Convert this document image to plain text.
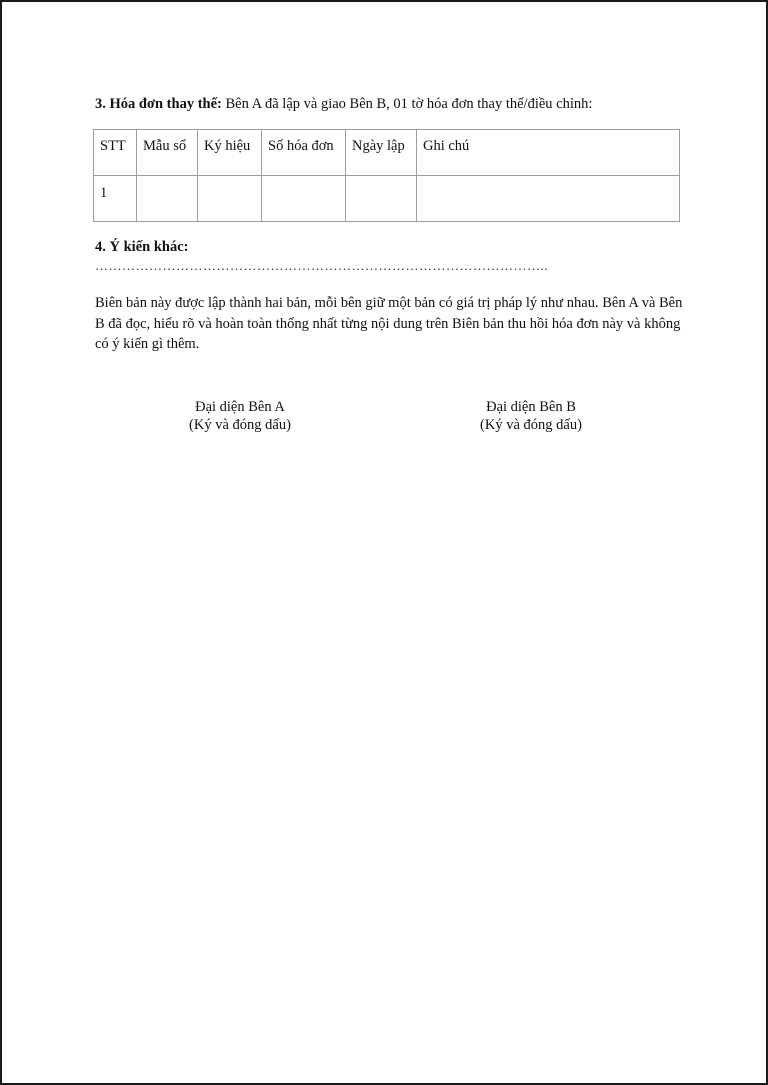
3. Hóa đơn thay thế: Bên A đã lập và giao Bên B, 01 tờ hóa đơn thay thế/điều chỉnh:
STT	Mẫu số	Ký hiệu	Số hóa đơn	Ngày lập	Ghi chú
1					
4. Ý kiến khác:
………………………………………………………………………………………..
Biên bản này được lập thành hai bản, mỗi bên giữ một bản có giá trị pháp lý như nhau. Bên A và Bên B đã đọc, hiểu rõ và hoàn toàn thống nhất từng nội dung trên Biên bản thu hồi hóa đơn này và không có ý kiến gì thêm.
Đại diện Bên A
(Ký và đóng dấu)
Đại diện Bên B
(Ký và đóng dấu)
